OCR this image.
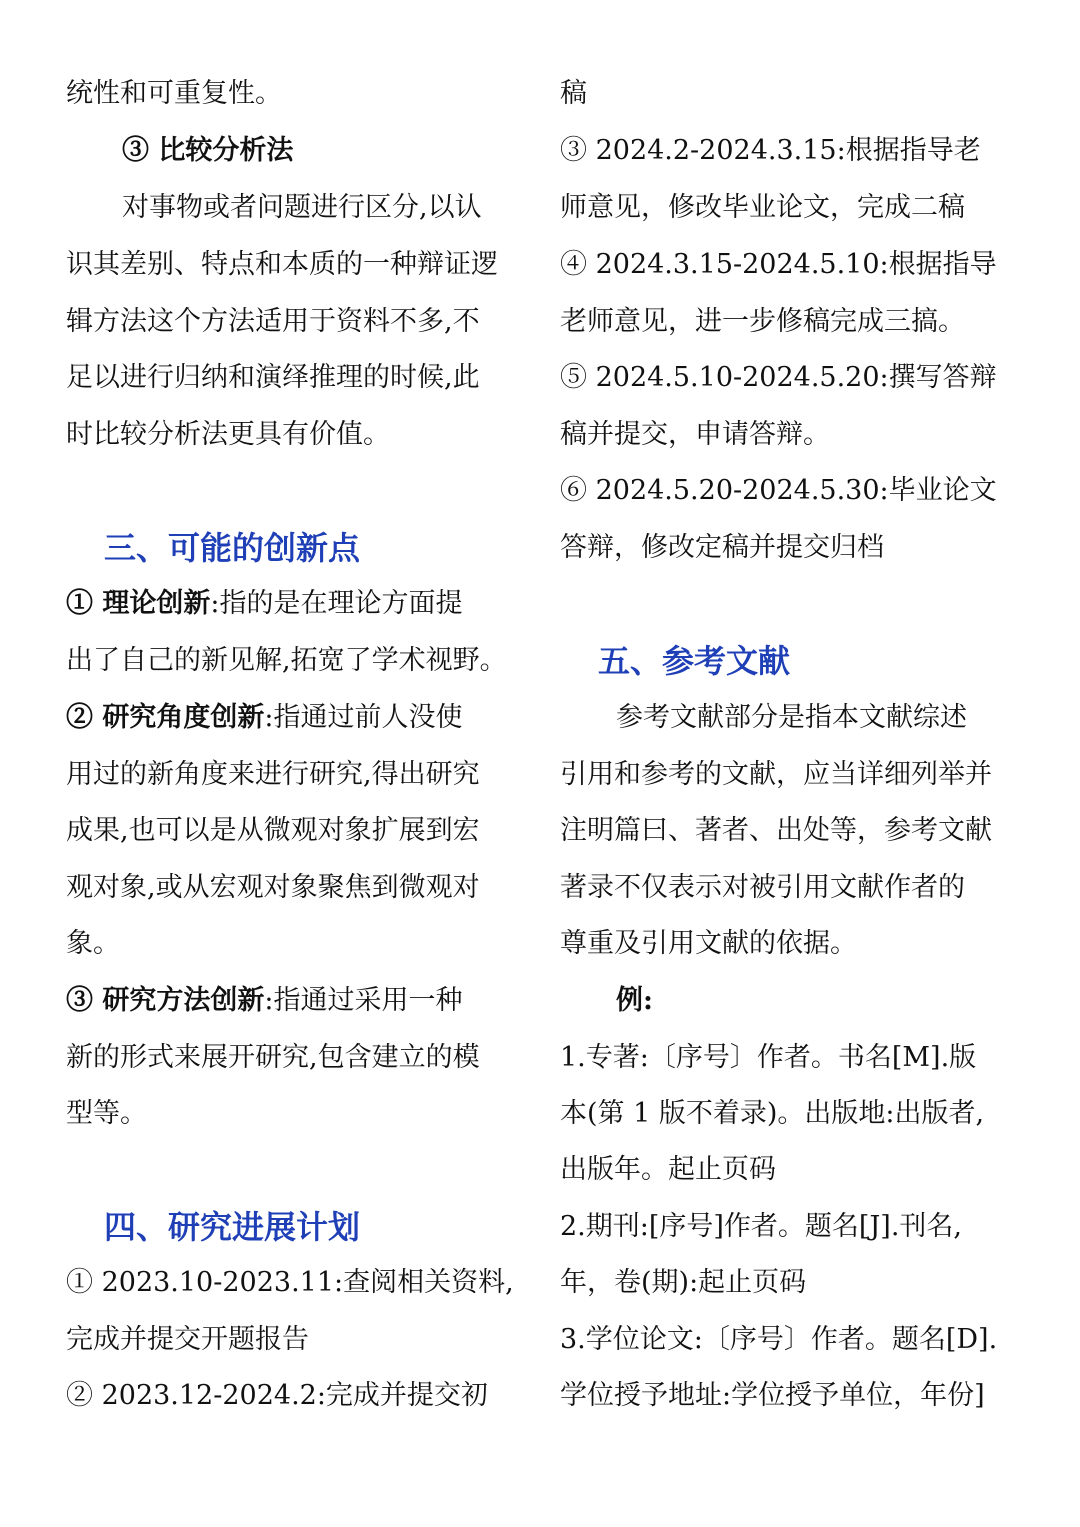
统性和可重复性。
③ 比较分析法
对事物或者问题进行区分,以认
识其差别、特点和本质的一种辩证逻
辑方法这个方法适用于资料不多,不
足以进行归纳和演绎推理的时候,此
时比较分析法更具有价值。
三、可能的创新点
① 理论创新:指的是在理论方面提
出了自己的新见解,拓宽了学术视野。
② 研究角度创新:指通过前人没使
用过的新角度来进行研究,得出研究
成果,也可以是从微观对象扩展到宏
观对象,或从宏观对象聚焦到微观对
象。
③ 研究方法创新:指通过采用一种
新的形式来展开研究,包含建立的模
型等。
四、研究进展计划
① 2023.10-2023.11:查阅相关资料,
完成并提交开题报告
② 2023.12-2024.2:完成并提交初
稿
③ 2024.2-2024.3.15:根据指导老
师意见，修改毕业论文，完成二稿
④ 2024.3.15-2024.5.10:根据指导
老师意见，进一步修稿完成三搞。
⑤ 2024.5.10-2024.5.20:撰写答辩
稿并提交，申请答辩。
⑥ 2024.5.20-2024.5.30:毕业论文
答辩，修改定稿并提交归档
五、参考文献
参考文献部分是指本文献综述
引用和参考的文献，应当详细列举并
注明篇曰、著者、出处等，参考文献
著录不仅表示对被引用文献作者的
尊重及引用文献的依据。
例:
1.专著:〔序号〕作者。书名[M].版
本(第 1 版不着录)。出版地:出版者,
出版年。起止页码
2.期刊:[序号]作者。题名[J].刊名,
年，卷(期):起止页码
3.学位论文:〔序号〕作者。题名[D].
学位授予地址:学位授予单位，年份]
